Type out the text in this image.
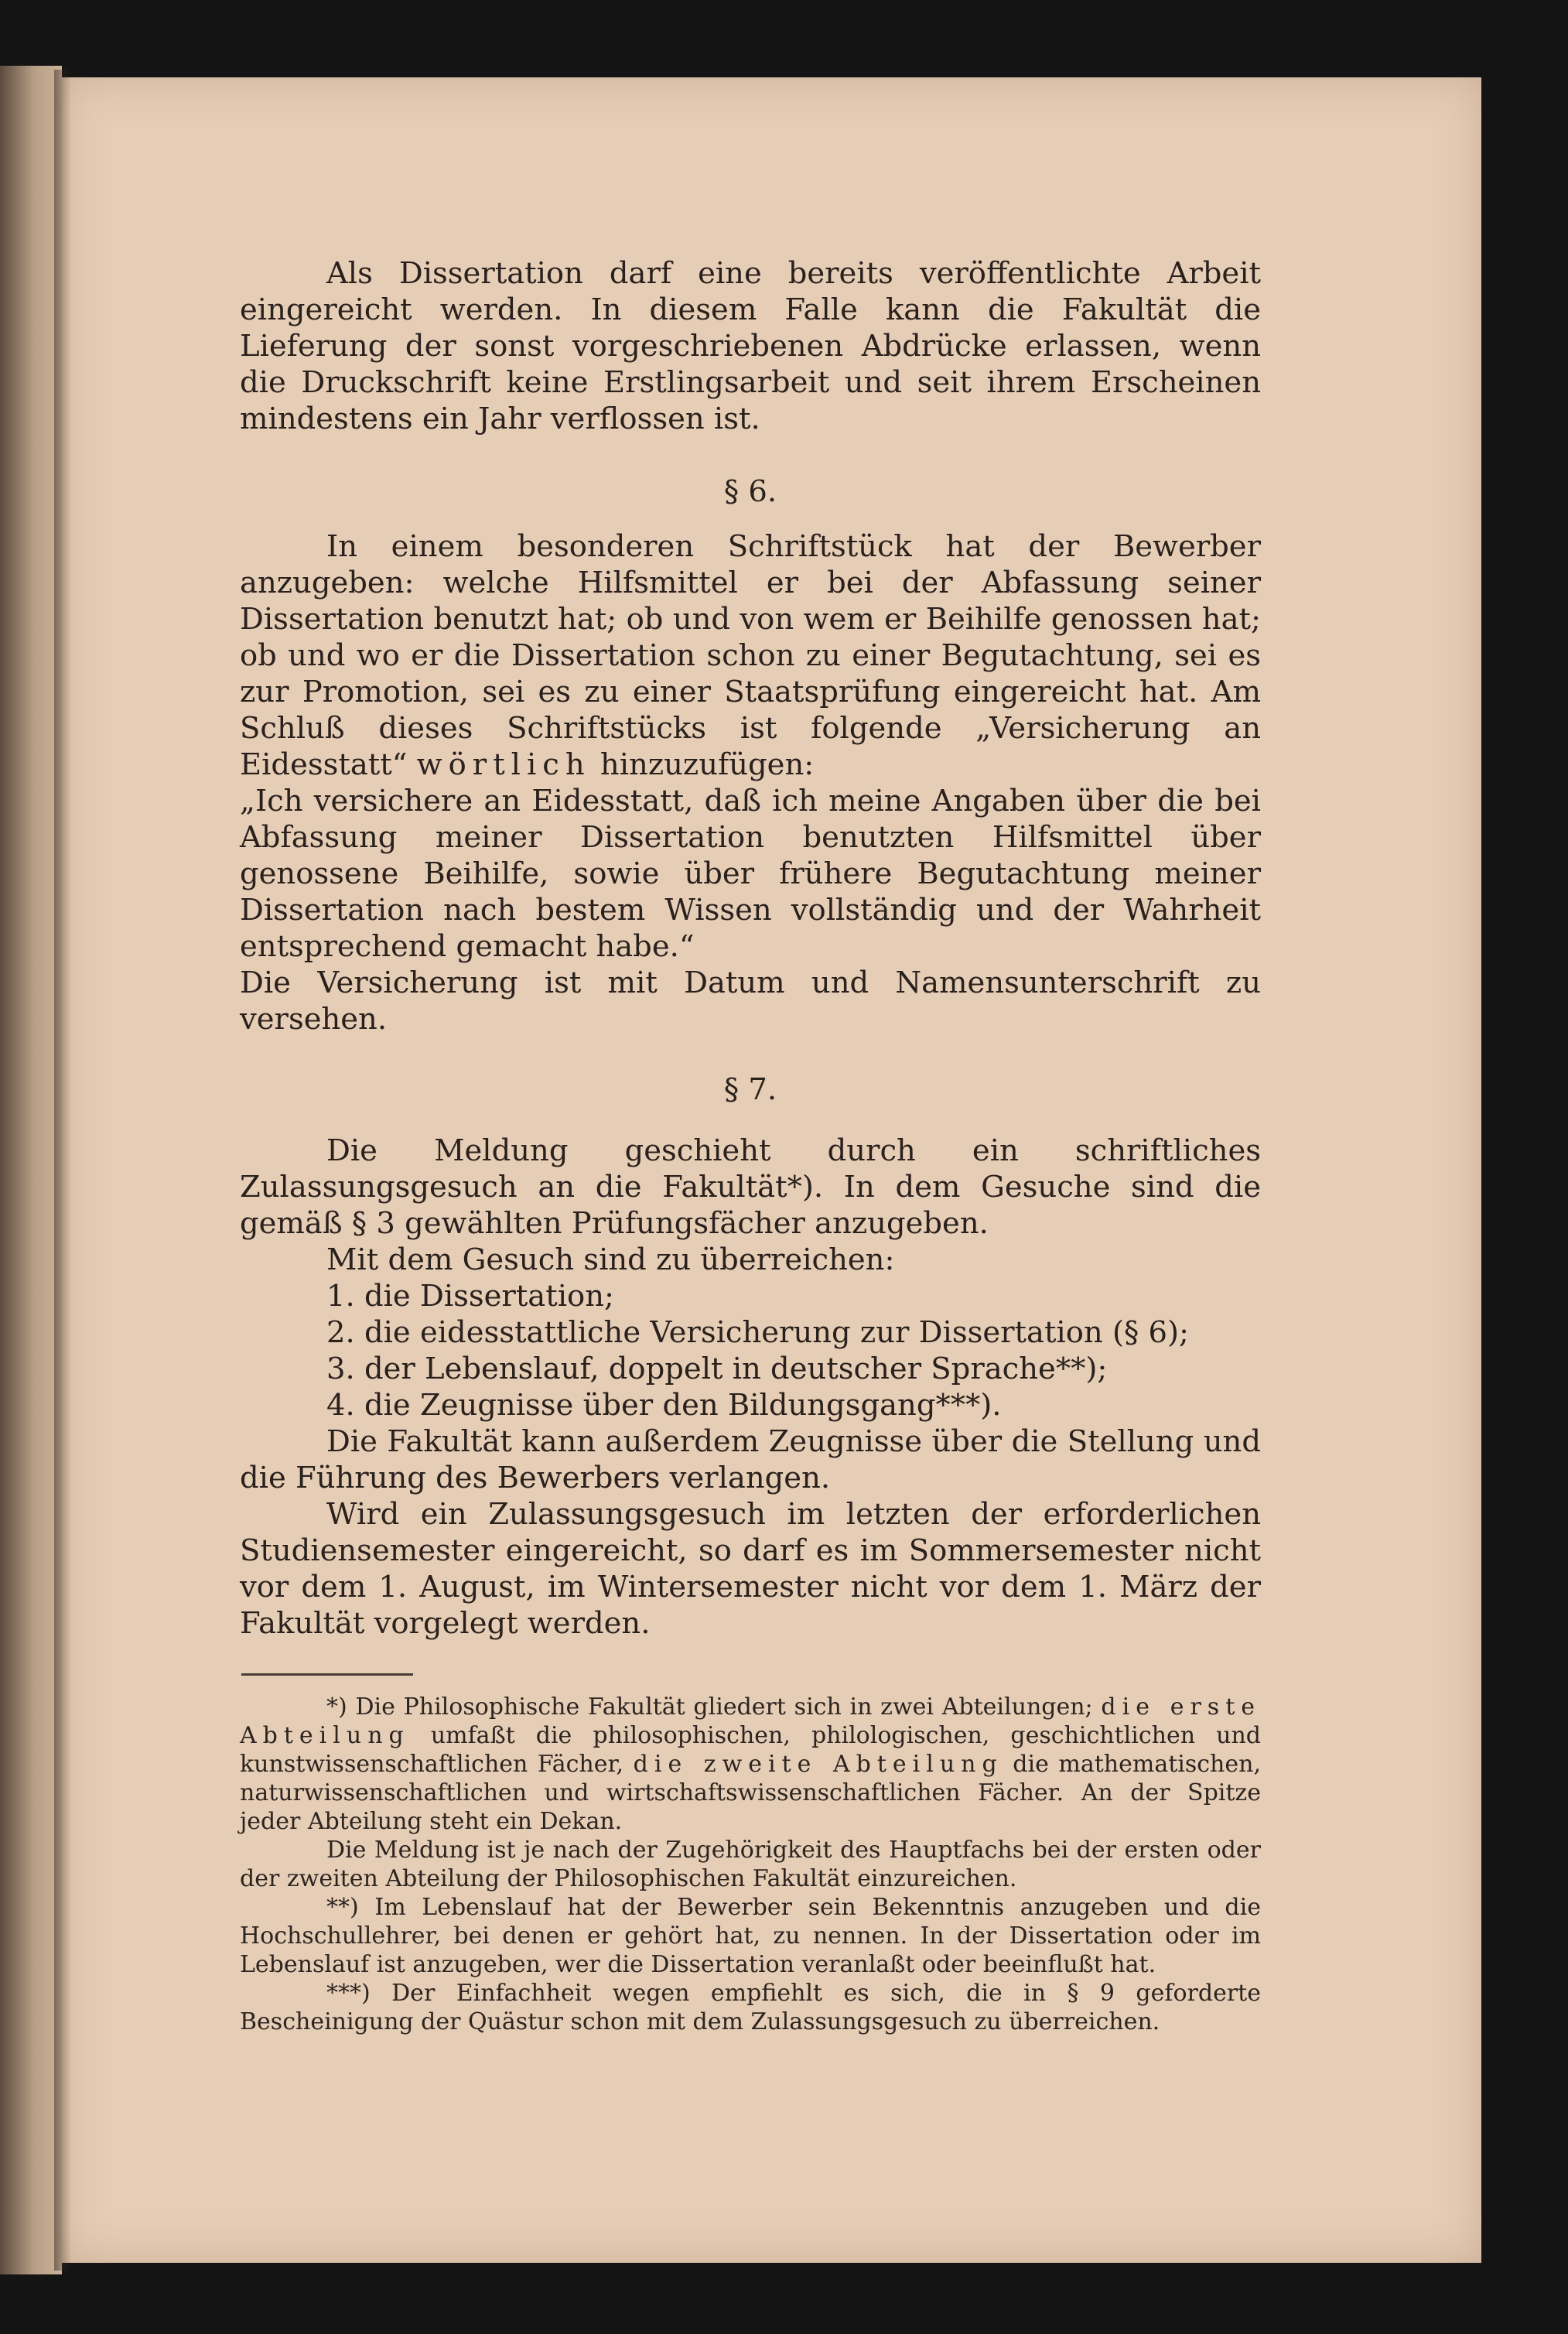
Als Dissertation darf eine bereits veröffentlichte Arbeit eingereicht werden. In diesem Falle kann die Fakultät die Lieferung der sonst vorgeschriebenen Abdrücke erlassen, wenn die Druckschrift keine Erstlingsarbeit und seit ihrem Erscheinen mindestens ein Jahr verflossen ist.

§ 6.

In einem besonderen Schriftstück hat der Bewerber anzugeben: welche Hilfsmittel er bei der Abfassung seiner Dissertation benutzt hat; ob und von wem er Beihilfe genossen hat; ob und wo er die Dissertation schon zu einer Begutachtung, sei es zur Promotion, sei es zu einer Staatsprüfung eingereicht hat. Am Schluß dieses Schriftstücks ist folgende „Versicherung an Eidesstatt“ wörtlich hinzuzufügen:

„Ich versichere an Eidesstatt, daß ich meine Angaben über die bei Abfassung meiner Dissertation benutzten Hilfsmittel über genossene Beihilfe, sowie über frühere Begutachtung meiner Dissertation nach bestem Wissen vollständig und der Wahrheit entsprechend gemacht habe.“

Die Versicherung ist mit Datum und Namensunterschrift zu versehen.

§ 7.

Die Meldung geschieht durch ein schriftliches Zulassungsgesuch an die Fakultät*). In dem Gesuche sind die gemäß § 3 gewählten Prüfungsfächer anzugeben.

Mit dem Gesuch sind zu überreichen:

1. die Dissertation;
2. die eidesstattliche Versicherung zur Dissertation (§ 6);
3. der Lebenslauf, doppelt in deutscher Sprache**);
4. die Zeugnisse über den Bildungsgang***).

Die Fakultät kann außerdem Zeugnisse über die Stellung und die Führung des Bewerbers verlangen.

Wird ein Zulassungsgesuch im letzten der erforderlichen Studiensemester eingereicht, so darf es im Sommersemester nicht vor dem 1. August, im Wintersemester nicht vor dem 1. März der Fakultät vorgelegt werden.

*) Die Philosophische Fakultät gliedert sich in zwei Abteilungen; die erste Abteilung umfaßt die philosophischen, philologischen, geschichtlichen und kunstwissenschaftlichen Fächer, die zweite Abteilung die mathematischen, naturwissenschaftlichen und wirtschaftswissenschaftlichen Fächer. An der Spitze jeder Abteilung steht ein Dekan.

Die Meldung ist je nach der Zugehörigkeit des Hauptfachs bei der ersten oder der zweiten Abteilung der Philosophischen Fakultät einzureichen.

**) Im Lebenslauf hat der Bewerber sein Bekenntnis anzugeben und die Hochschullehrer, bei denen er gehört hat, zu nennen. In der Dissertation oder im Lebenslauf ist anzugeben, wer die Dissertation veranlaßt oder beeinflußt hat.

***) Der Einfachheit wegen empfiehlt es sich, die in § 9 geforderte Bescheinigung der Quästur schon mit dem Zulassungsgesuch zu überreichen.
